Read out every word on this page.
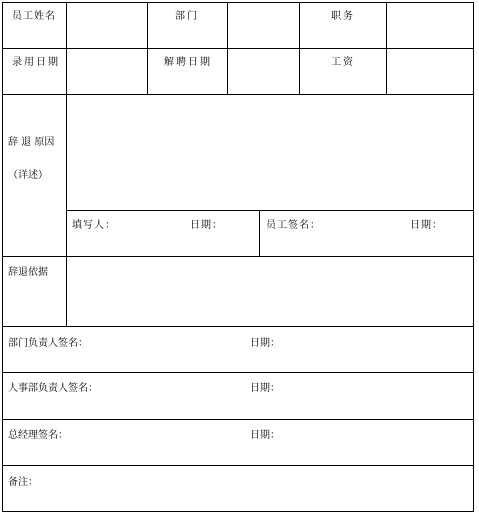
员工姓名	部门	职务
录用日期	解聘日期	工资
辞 退 原因
（详述）
填写人：	日期：	员工签名：	日期：
辞退依据
部门负责人签名：	日期：
人事部负责人签名：	日期：
总经理签名：	日期：
备注：
